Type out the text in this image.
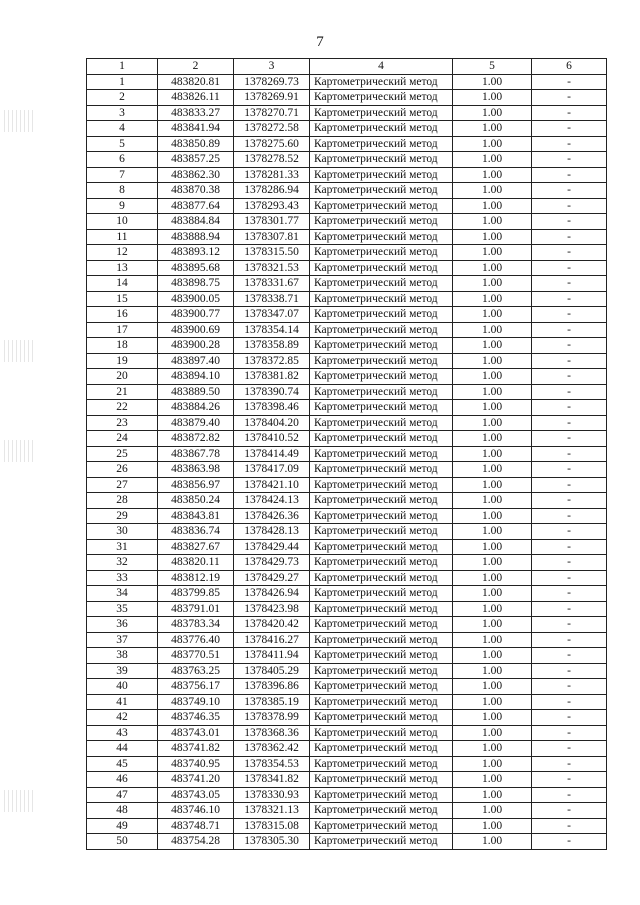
7
1	2	3	4	5	6
1	483820.81	1378269.73	Картометрический метод	1.00	-
2	483826.11	1378269.91	Картометрический метод	1.00	-
3	483833.27	1378270.71	Картометрический метод	1.00	-
4	483841.94	1378272.58	Картометрический метод	1.00	-
5	483850.89	1378275.60	Картометрический метод	1.00	-
6	483857.25	1378278.52	Картометрический метод	1.00	-
7	483862.30	1378281.33	Картометрический метод	1.00	-
8	483870.38	1378286.94	Картометрический метод	1.00	-
9	483877.64	1378293.43	Картометрический метод	1.00	-
10	483884.84	1378301.77	Картометрический метод	1.00	-
11	483888.94	1378307.81	Картометрический метод	1.00	-
12	483893.12	1378315.50	Картометрический метод	1.00	-
13	483895.68	1378321.53	Картометрический метод	1.00	-
14	483898.75	1378331.67	Картометрический метод	1.00	-
15	483900.05	1378338.71	Картометрический метод	1.00	-
16	483900.77	1378347.07	Картометрический метод	1.00	-
17	483900.69	1378354.14	Картометрический метод	1.00	-
18	483900.28	1378358.89	Картометрический метод	1.00	-
19	483897.40	1378372.85	Картометрический метод	1.00	-
20	483894.10	1378381.82	Картометрический метод	1.00	-
21	483889.50	1378390.74	Картометрический метод	1.00	-
22	483884.26	1378398.46	Картометрический метод	1.00	-
23	483879.40	1378404.20	Картометрический метод	1.00	-
24	483872.82	1378410.52	Картометрический метод	1.00	-
25	483867.78	1378414.49	Картометрический метод	1.00	-
26	483863.98	1378417.09	Картометрический метод	1.00	-
27	483856.97	1378421.10	Картометрический метод	1.00	-
28	483850.24	1378424.13	Картометрический метод	1.00	-
29	483843.81	1378426.36	Картометрический метод	1.00	-
30	483836.74	1378428.13	Картометрический метод	1.00	-
31	483827.67	1378429.44	Картометрический метод	1.00	-
32	483820.11	1378429.73	Картометрический метод	1.00	-
33	483812.19	1378429.27	Картометрический метод	1.00	-
34	483799.85	1378426.94	Картометрический метод	1.00	-
35	483791.01	1378423.98	Картометрический метод	1.00	-
36	483783.34	1378420.42	Картометрический метод	1.00	-
37	483776.40	1378416.27	Картометрический метод	1.00	-
38	483770.51	1378411.94	Картометрический метод	1.00	-
39	483763.25	1378405.29	Картометрический метод	1.00	-
40	483756.17	1378396.86	Картометрический метод	1.00	-
41	483749.10	1378385.19	Картометрический метод	1.00	-
42	483746.35	1378378.99	Картометрический метод	1.00	-
43	483743.01	1378368.36	Картометрический метод	1.00	-
44	483741.82	1378362.42	Картометрический метод	1.00	-
45	483740.95	1378354.53	Картометрический метод	1.00	-
46	483741.20	1378341.82	Картометрический метод	1.00	-
47	483743.05	1378330.93	Картометрический метод	1.00	-
48	483746.10	1378321.13	Картометрический метод	1.00	-
49	483748.71	1378315.08	Картометрический метод	1.00	-
50	483754.28	1378305.30	Картометрический метод	1.00	-
